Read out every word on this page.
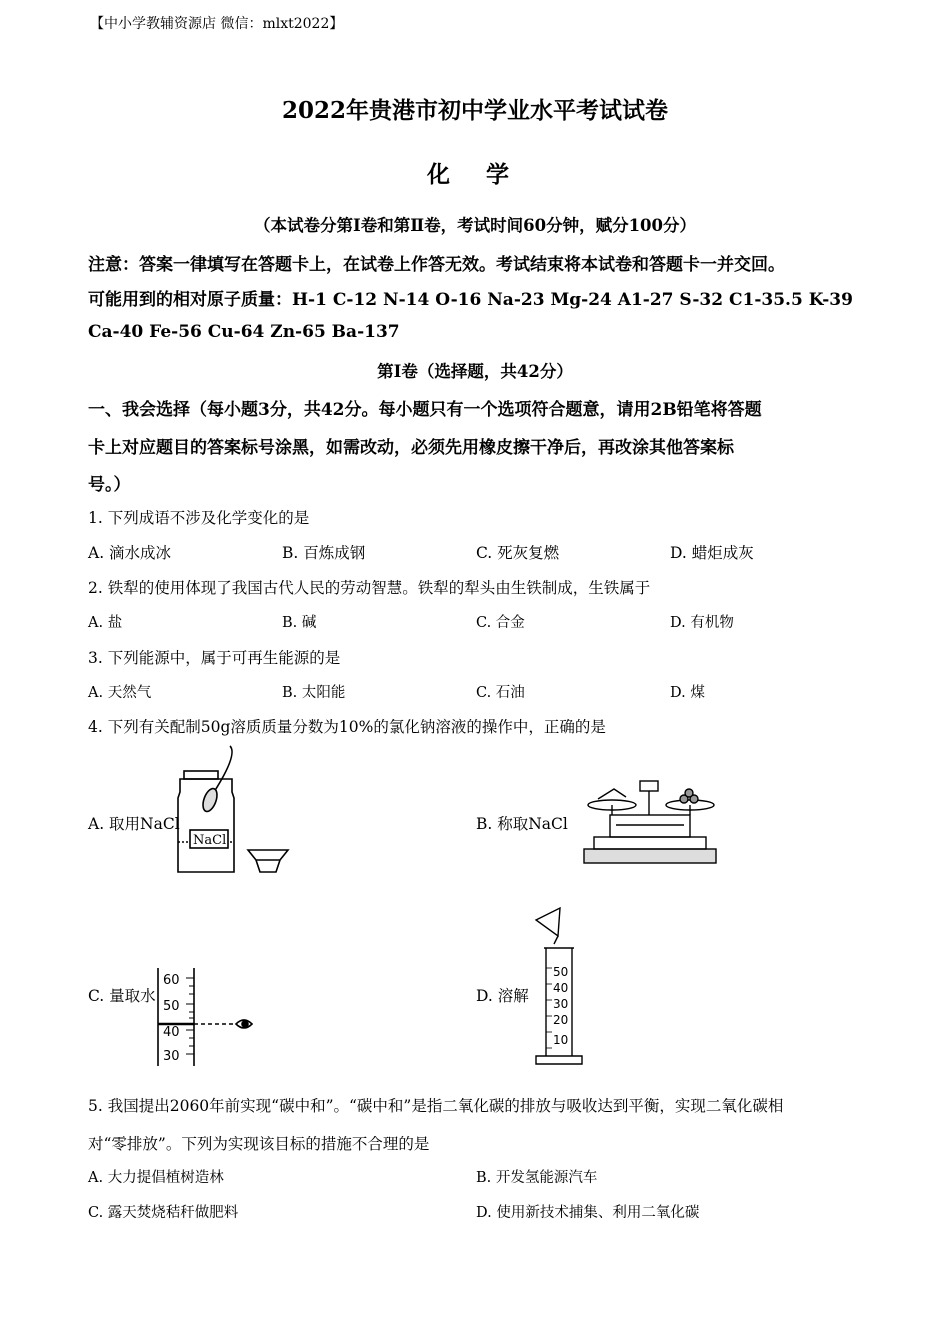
【中小学教辅资源店 微信：mlxt2022】
2022年贵港市初中学业水平考试试卷
化 学
（本试卷分第Ⅰ卷和第Ⅱ卷，考试时间60分钟，赋分100分）
注意：答案一律填写在答题卡上，在试卷上作答无效。考试结束将本试卷和答题卡一并交回。
可能用到的相对原子质量：H-1 C-12 N-14 O-16 Na-23 Mg-24 A1-27 S-32 C1-35.5 K-39
Ca-40 Fe-56 Cu-64 Zn-65 Ba-137
第Ⅰ卷（选择题，共42分）
一、我会选择（每小题3分，共42分。每小题只有一个选项符合题意，请用2B铅笔将答题
卡上对应题目的答案标号涂黑，如需改动，必须先用橡皮擦干净后，再改涂其他答案标
号。）
1. 下列成语不涉及化学变化的是
A. 滴水成冰	B. 百炼成钢	C. 死灰复燃	D. 蜡炬成灰
2. 铁犁的使用体现了我国古代人民的劳动智慧。铁犁的犁头由生铁制成，生铁属于
A. 盐	B. 碱	C. 合金	D. 有机物
3. 下列能源中，属于可再生能源的是
A. 天然气	B. 太阳能	C. 石油	D. 煤
4. 下列有关配制50g溶质质量分数为10%的氯化钠溶液的操作中，正确的是
A. 取用NaCl	B. 称取NaCl
C. 量取水	D. 溶解
NaCl
60
50
40
30
50
40
30
20
10
5. 我国提出2060年前实现“碳中和”。“碳中和”是指二氧化碳的排放与吸收达到平衡，实现二氧化碳相
对“零排放”。下列为实现该目标的措施不合理的是
A. 大力提倡植树造林	B. 开发氢能源汽车
C. 露天焚烧秸秆做肥料	D. 使用新技术捕集、利用二氧化碳
